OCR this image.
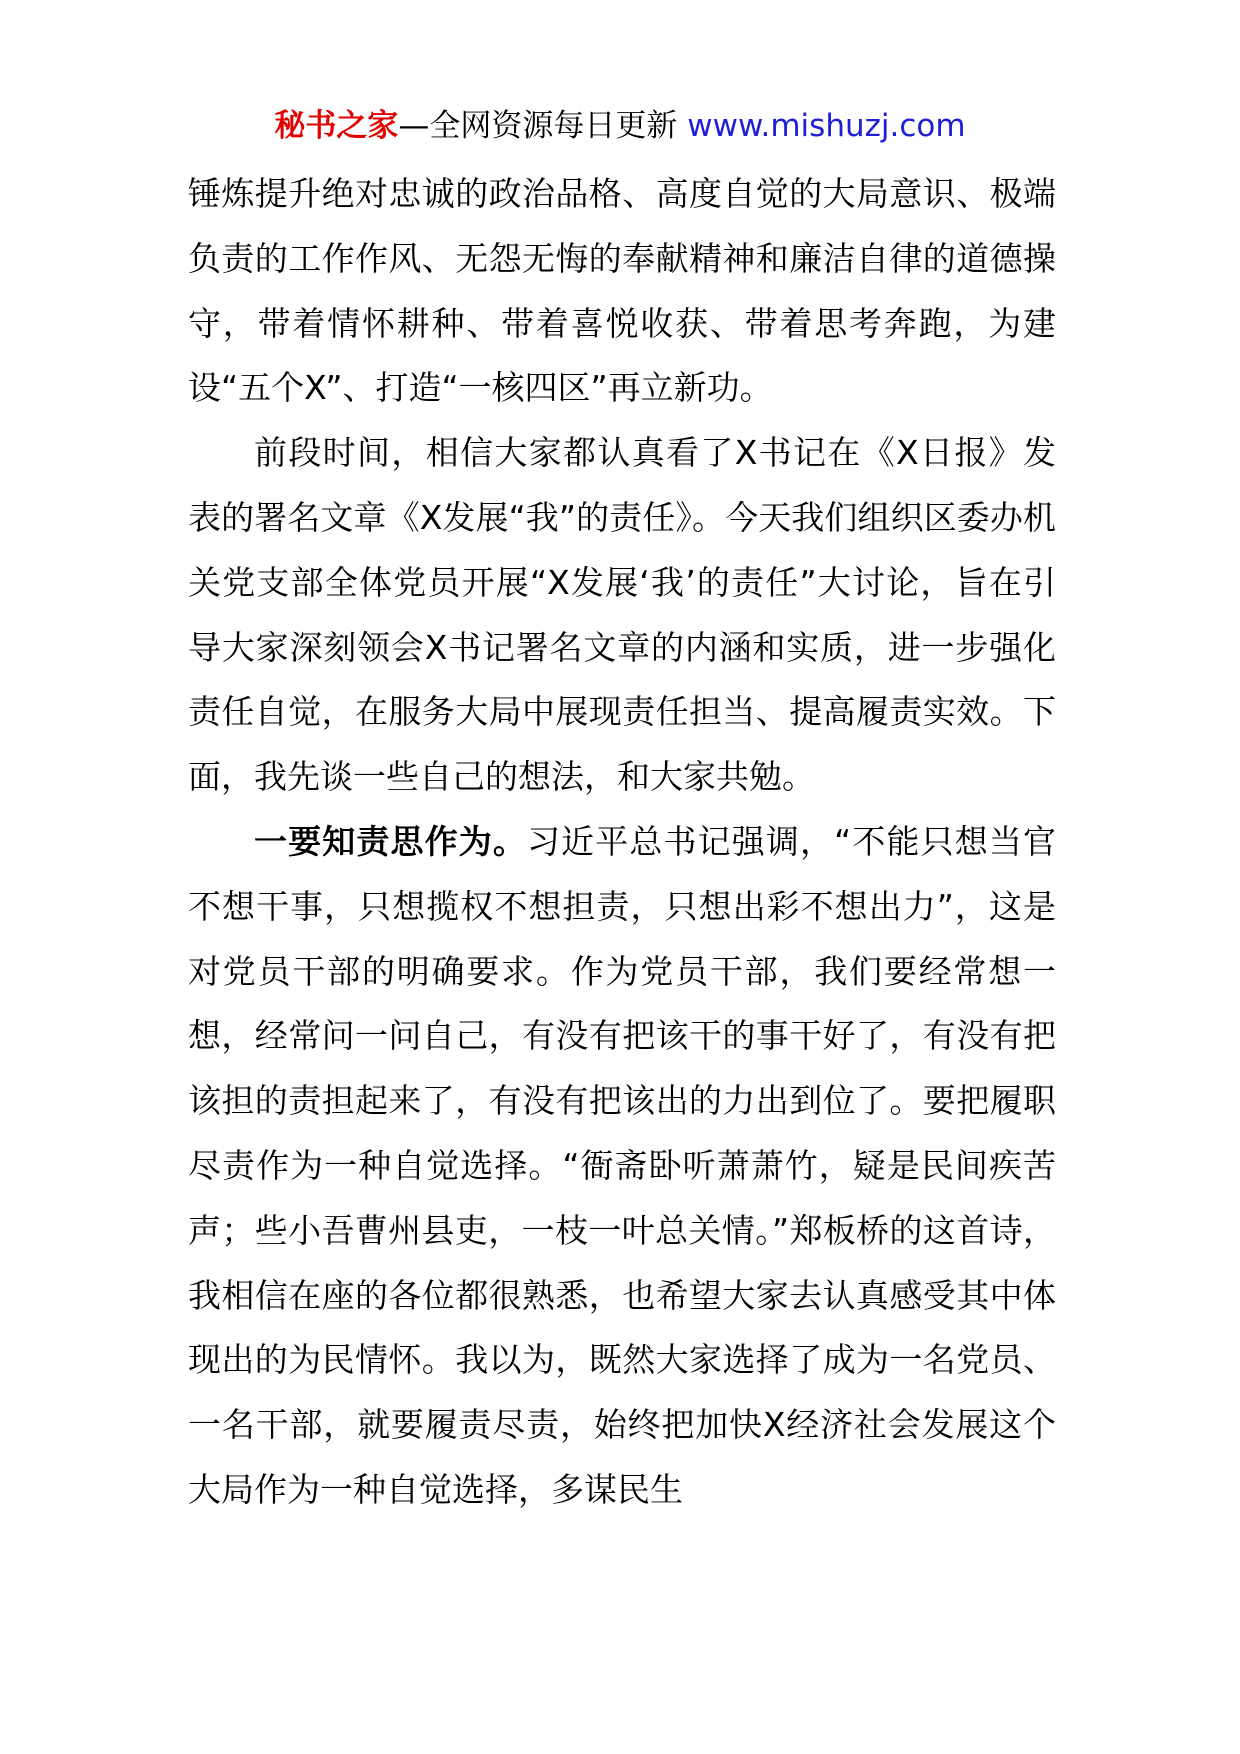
秘书之家—全网资源每日更新 www.mishuzj.com

锤炼提升绝对忠诚的政治品格、高度自觉的大局意识、极端负责的工作作风、无怨无悔的奉献精神和廉洁自律的道德操守，带着情怀耕种、带着喜悦收获、带着思考奔跑，为建设“五个X”、打造“一核四区”再立新功。

前段时间，相信大家都认真看了X书记在《X日报》发表的署名文章《X发展“我”的责任》。今天我们组织区委办机关党支部全体党员开展“X发展‘我’的责任”大讨论，旨在引导大家深刻领会X书记署名文章的内涵和实质，进一步强化责任自觉，在服务大局中展现责任担当、提高履责实效。下面，我先谈一些自己的想法，和大家共勉。

一要知责思作为。习近平总书记强调，“不能只想当官不想干事，只想揽权不想担责，只想出彩不想出力”，这是对党员干部的明确要求。作为党员干部，我们要经常想一想，经常问一问自己，有没有把该干的事干好了，有没有把该担的责担起来了，有没有把该出的力出到位了。要把履职尽责作为一种自觉选择。“衙斋卧听萧萧竹，疑是民间疾苦声；些小吾曹州县吏，一枝一叶总关情。”郑板桥的这首诗，我相信在座的各位都很熟悉，也希望大家去认真感受其中体现出的为民情怀。我以为，既然大家选择了成为一名党员、一名干部，就要履责尽责，始终把加快X经济社会发展这个大局作为一种自觉选择，多谋民生
